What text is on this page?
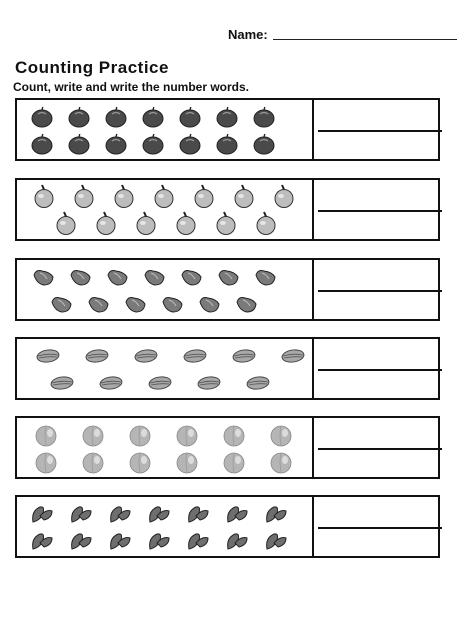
Name:
Counting Practice
Count, write and write the number words.
